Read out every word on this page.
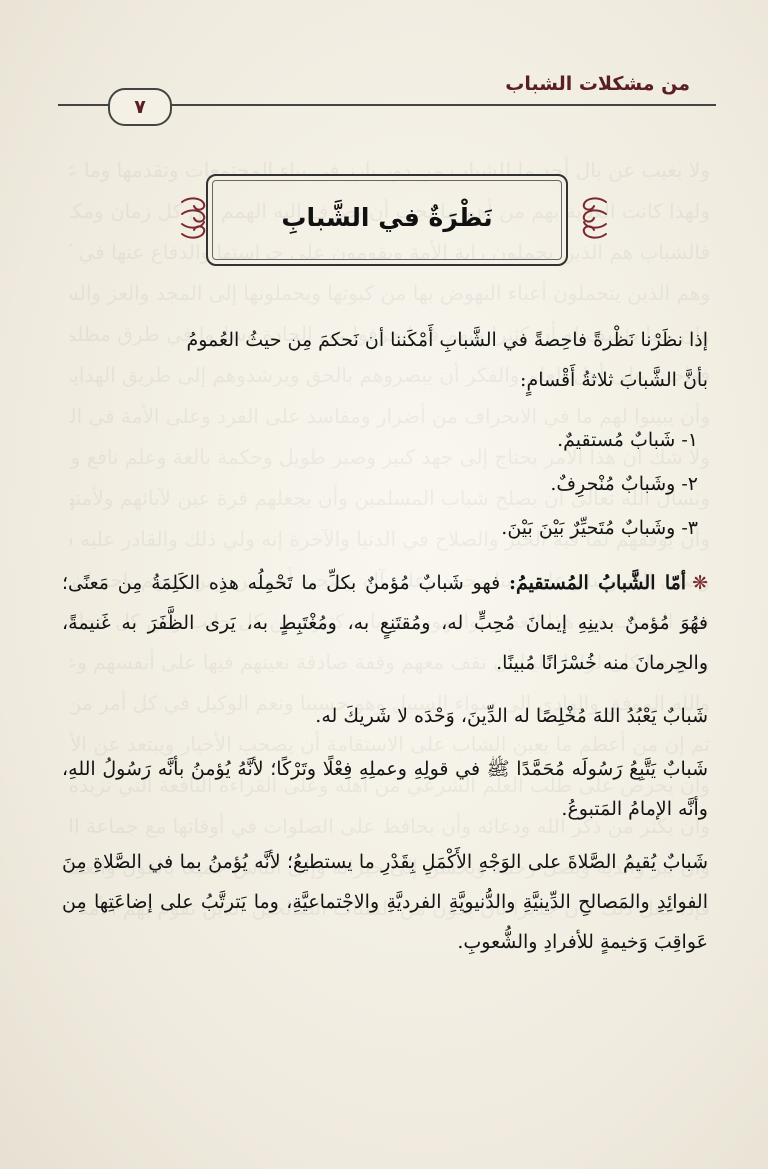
من مشكلات الشباب
٧
نَظْرَةٌ في الشَّبابِ

إذا نظَرْنا نَظْرةً فاحِصةً في الشَّبابِ أَمْكَننا أن نَحكمَ مِن حيثُ العُمومُ

بأنَّ الشَّبابَ ثلاثةُ أَقْسامٍ:

١- شَبابٌ مُستقيمٌ.

٢- وشَبابٌ مُنْحرِفٌ.

٣- وشَبابٌ مُتَحيِّرٌ بَيْنَ بَيْنَ.

❋أمّا الشَّبابُ المُستقيمُ: فهو شَبابٌ مُؤمنٌ بكلِّ ما تَحْمِلُه هذِه الكَلِمَةُ مِن مَعنًى؛ فهُوَ مُؤمنٌ بدينِهِ إيمانَ مُحِبٍّ له، ومُقتَنِعٍ به، ومُغْتَبِطٍ به، يَرى الظَّفَرَ به غَنيمةً، والحِرمانَ منه خُسْرَانًا مُبينًا.

شَبابٌ يَعْبُدُ اللهَ مُخْلِصًا له الدِّينَ، وَحْدَه لا شَريكَ له.

شَبابٌ يَتَّبِعُ رَسُولَه مُحَمَّدًا ﷺ في قولِهِ وعملِهِ فِعْلًا وتَرْكًا؛ لأنَّهُ يُؤمنُ بأنَّه رَسُولُ اللهِ، وأنَّه الإمامُ المَتبوعُ.

شَبابٌ يُقيمُ الصَّلاةَ على الوَجْهِ الأَكْمَلِ بِقَدْرِ ما يستطيعُ؛ لأنَّه يُؤمنُ بما في الصَّلاةِ مِنَ الفوائِدِ والمَصالحِ الدِّينيَّةِ والدُّنيويَّةِ الفرديَّةِ والاجْتماعيَّةِ، وما يَترتَّبُ على إضاعَتِها مِن عَواقِبَ وَخيمةٍ للأفرادِ والشُّعوبِ.
